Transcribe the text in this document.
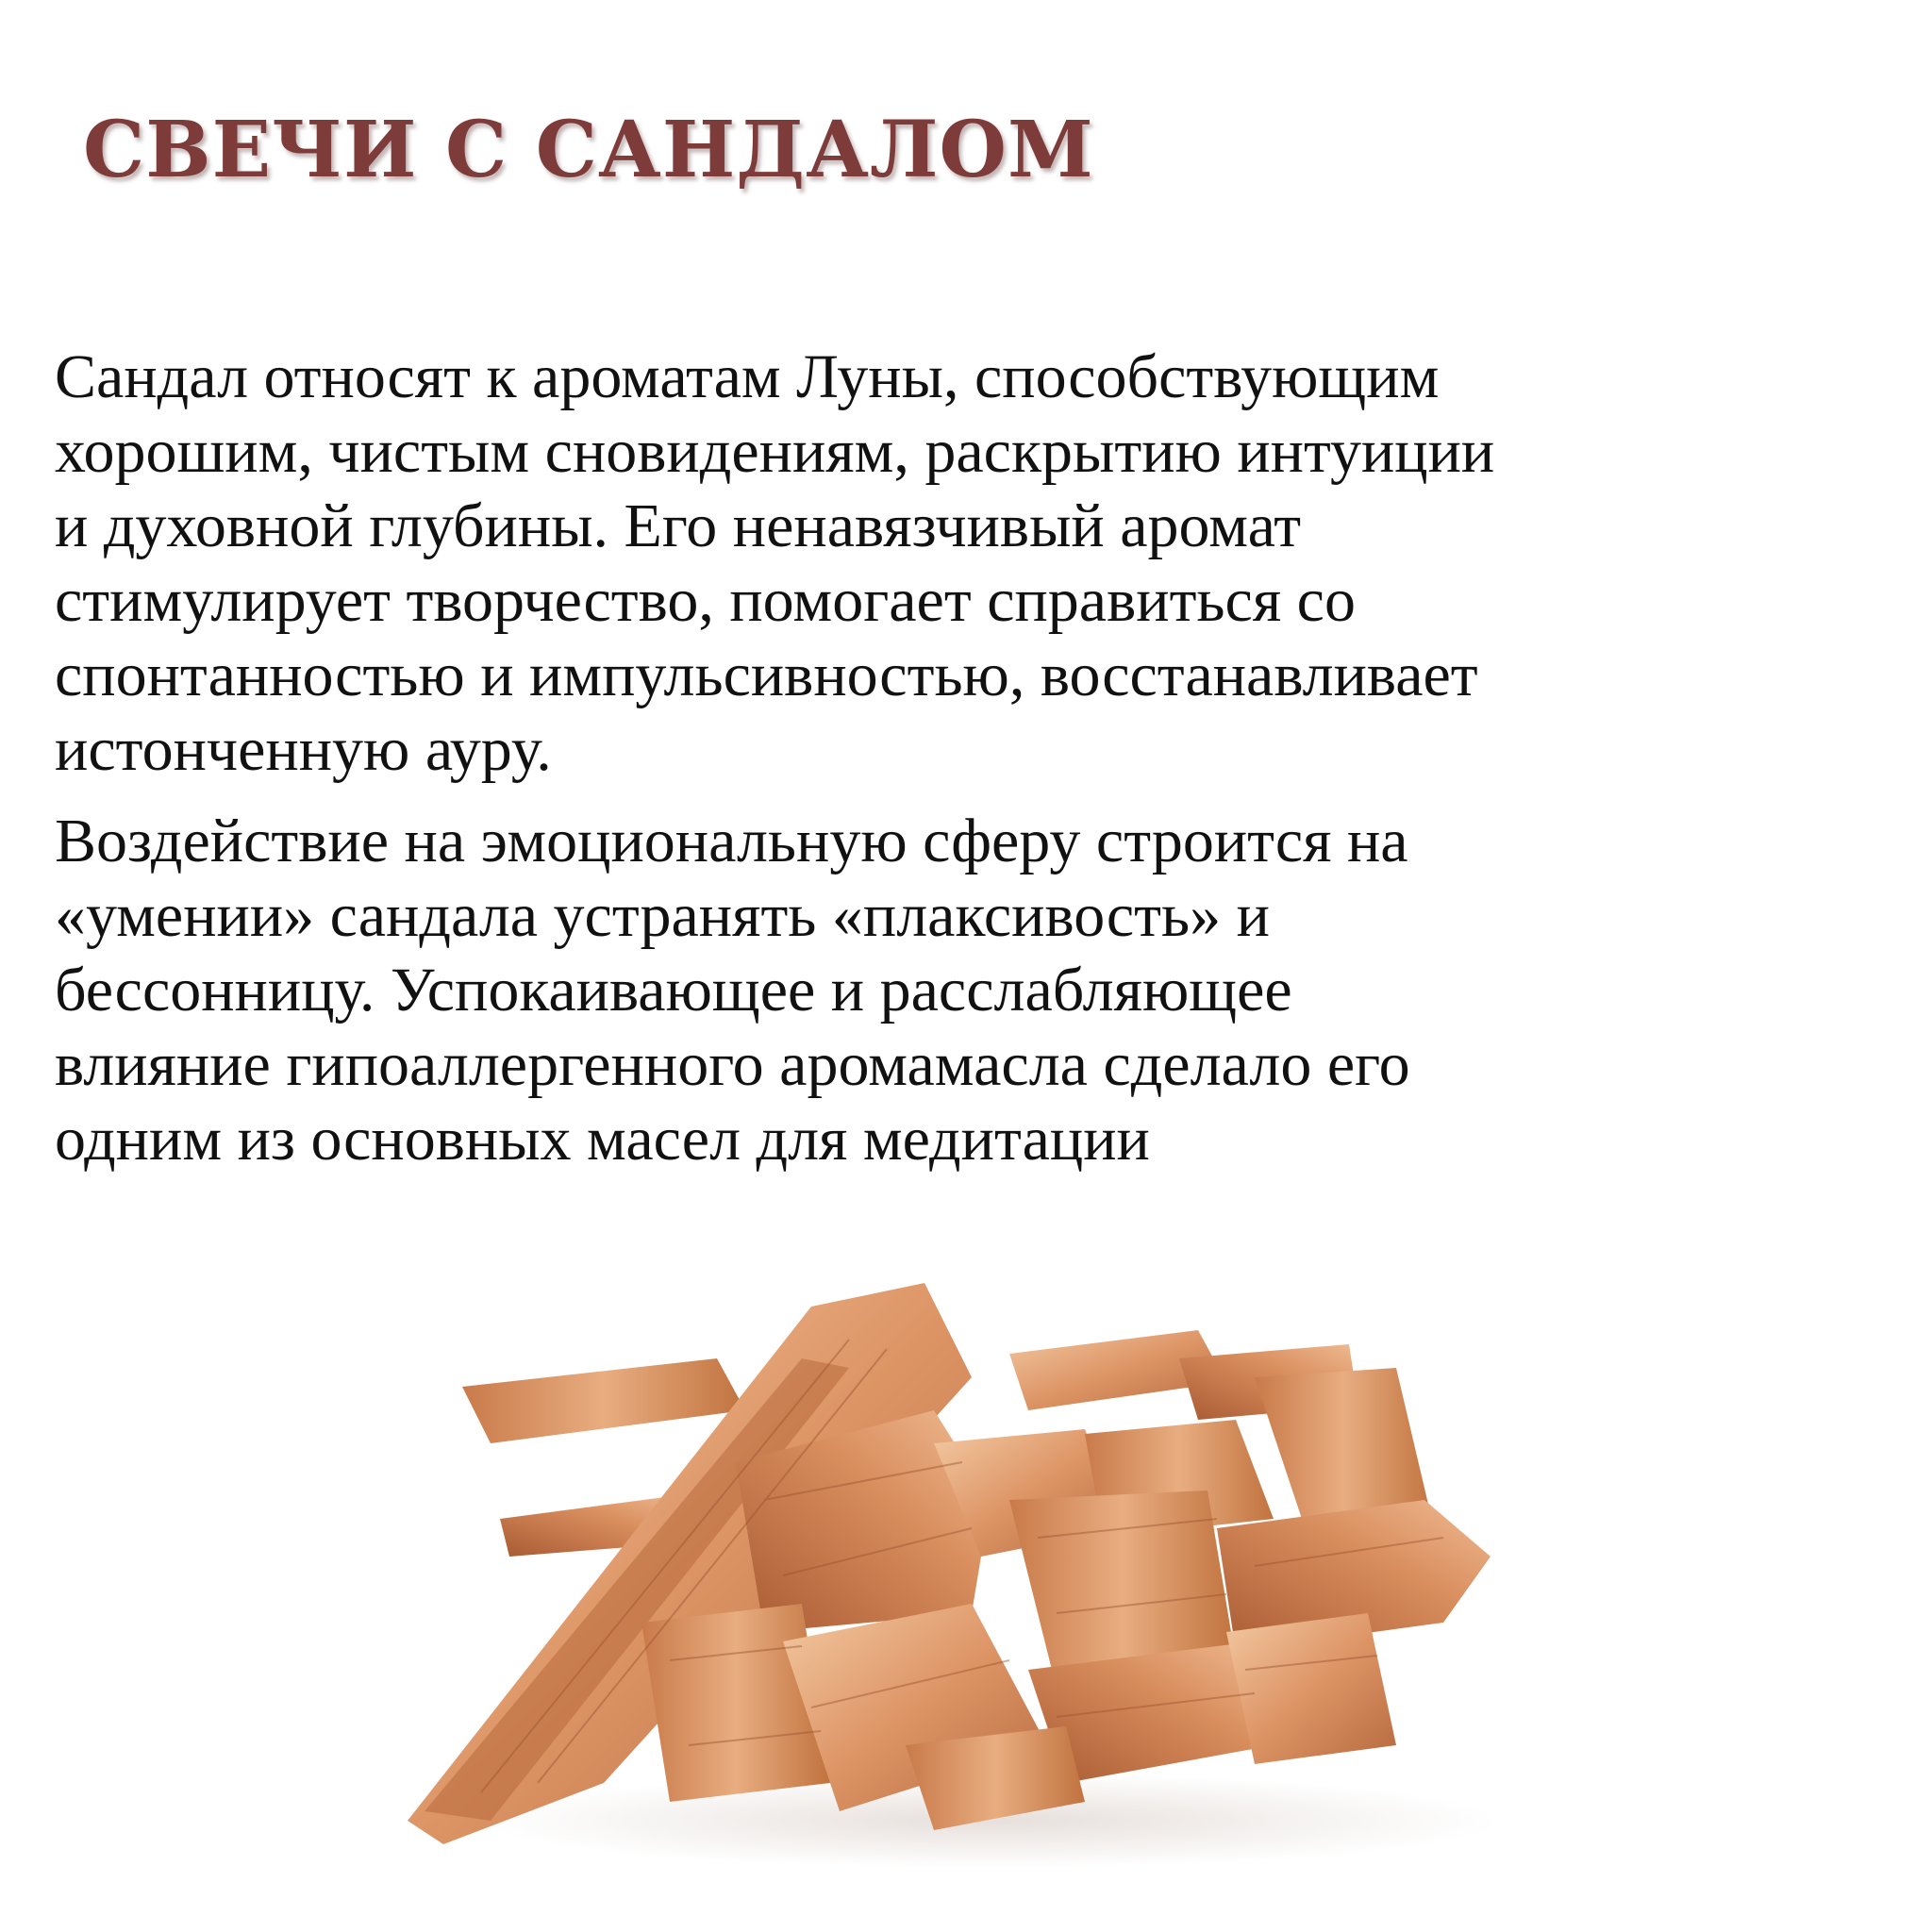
СВЕЧИ С САНДАЛОМ

Сандал относят к ароматам Луны, способствующим
хорошим, чистым сновидениям, раскрытию интуиции
и духовной глубины. Его ненавязчивый аромат
стимулирует творчество, помогает справиться со
спонтанностью и импульсивностью, восстанавливает
истонченную ауру.

Воздействие на эмоциональную сферу строится на
«умении» сандала устранять «плаксивость» и
бессонницу. Успокаивающее и расслабляющее
влияние гипоаллергенного аромамасла сделало его
одним из основных масел для медитации
